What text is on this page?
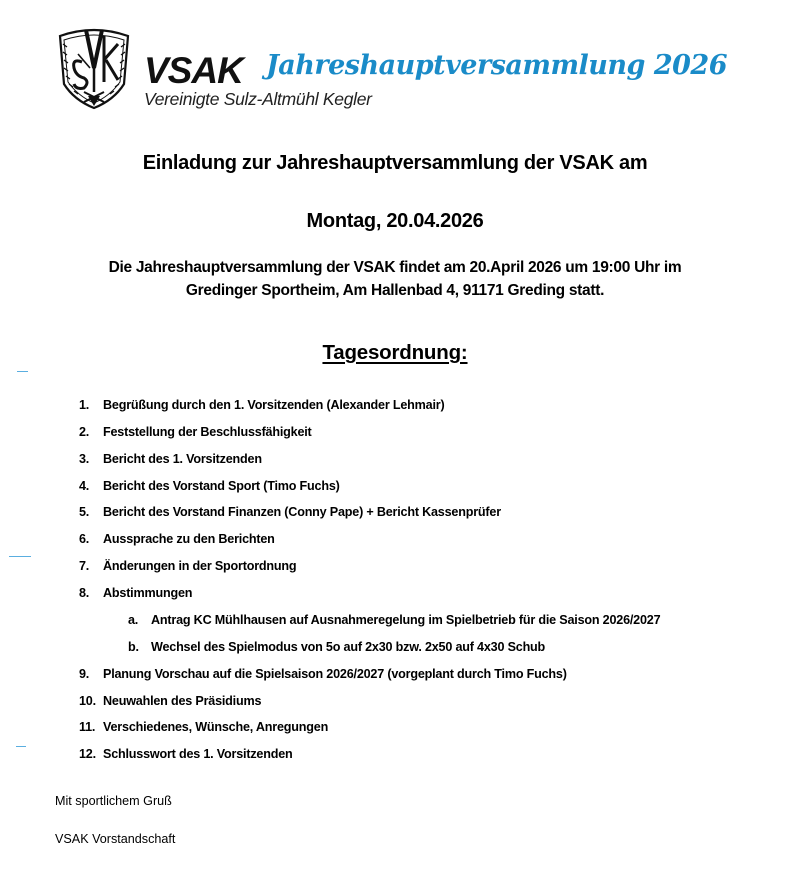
VSAK
Vereinigte Sulz-Altmühl Kegler
Jahreshauptversammlung 2026
Einladung zur Jahreshauptversammlung der VSAK am
Montag, 20.04.2026
Die Jahreshauptversammlung der VSAK findet am 20.April 2026 um 19:00 Uhr im
Gredinger Sportheim, Am Hallenbad 4, 91171 Greding statt.
Tagesordnung:
1. Begrüßung durch den 1. Vorsitzenden (Alexander Lehmair)
2. Feststellung der Beschlussfähigkeit
3. Bericht des 1. Vorsitzenden
4. Bericht des Vorstand Sport (Timo Fuchs)
5. Bericht des Vorstand Finanzen (Conny Pape) + Bericht Kassenprüfer
6. Aussprache zu den Berichten
7. Änderungen in der Sportordnung
8. Abstimmungen
a. Antrag KC Mühlhausen auf Ausnahmeregelung im Spielbetrieb für die Saison 2026/2027
b. Wechsel des Spielmodus von 5o auf 2x30 bzw. 2x50 auf 4x30 Schub
9. Planung Vorschau auf die Spielsaison 2026/2027 (vorgeplant durch Timo Fuchs)
10. Neuwahlen des Präsidiums
11. Verschiedenes, Wünsche, Anregungen
12. Schlusswort des 1. Vorsitzenden
Mit sportlichem Gruß
VSAK Vorstandschaft
